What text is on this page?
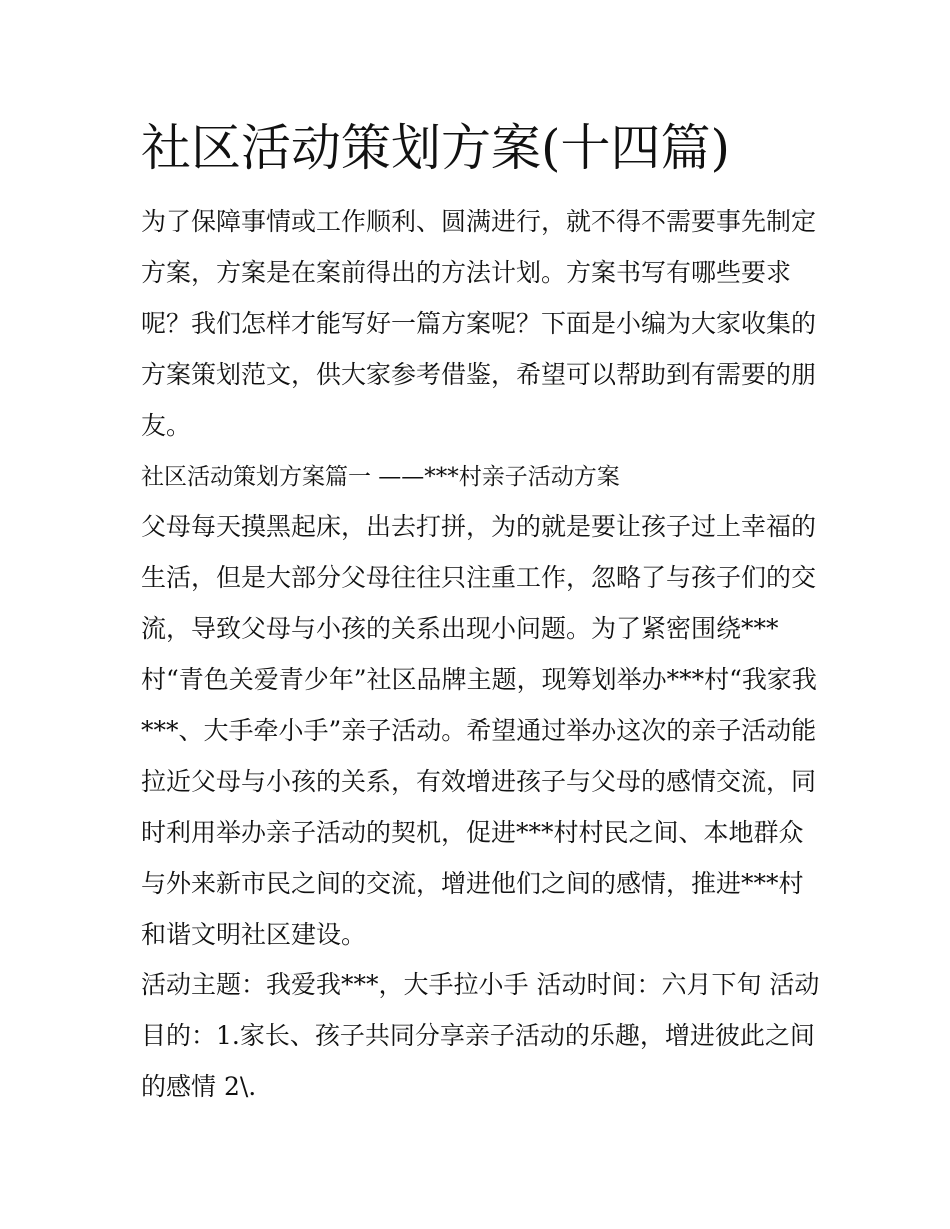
社区活动策划方案(十四篇)
为了保障事情或工作顺利、圆满进行，就不得不需要事先制定
方案，方案是在案前得出的方法计划。方案书写有哪些要求
呢？我们怎样才能写好一篇方案呢？下面是小编为大家收集的
方案策划范文，供大家参考借鉴，希望可以帮助到有需要的朋
友。
社区活动策划方案篇一 ——***村亲子活动方案
父母每天摸黑起床，出去打拼，为的就是要让孩子过上幸福的
生活，但是大部分父母往往只注重工作，忽略了与孩子们的交
流，导致父母与小孩的关系出现小问题。为了紧密围绕***
村“青色关爱青少年”社区品牌主题，现筹划举办***村“我家我
***、大手牵小手”亲子活动。希望通过举办这次的亲子活动能
拉近父母与小孩的关系，有效增进孩子与父母的感情交流，同
时利用举办亲子活动的契机，促进***村村民之间、本地群众
与外来新市民之间的交流，增进他们之间的感情，推进***村
和谐文明社区建设。
活动主题：我爱我***，大手拉小手 活动时间：六月下旬 活动
目的：1.家长、孩子共同分享亲子活动的乐趣，增进彼此之间
的感情 2\.
